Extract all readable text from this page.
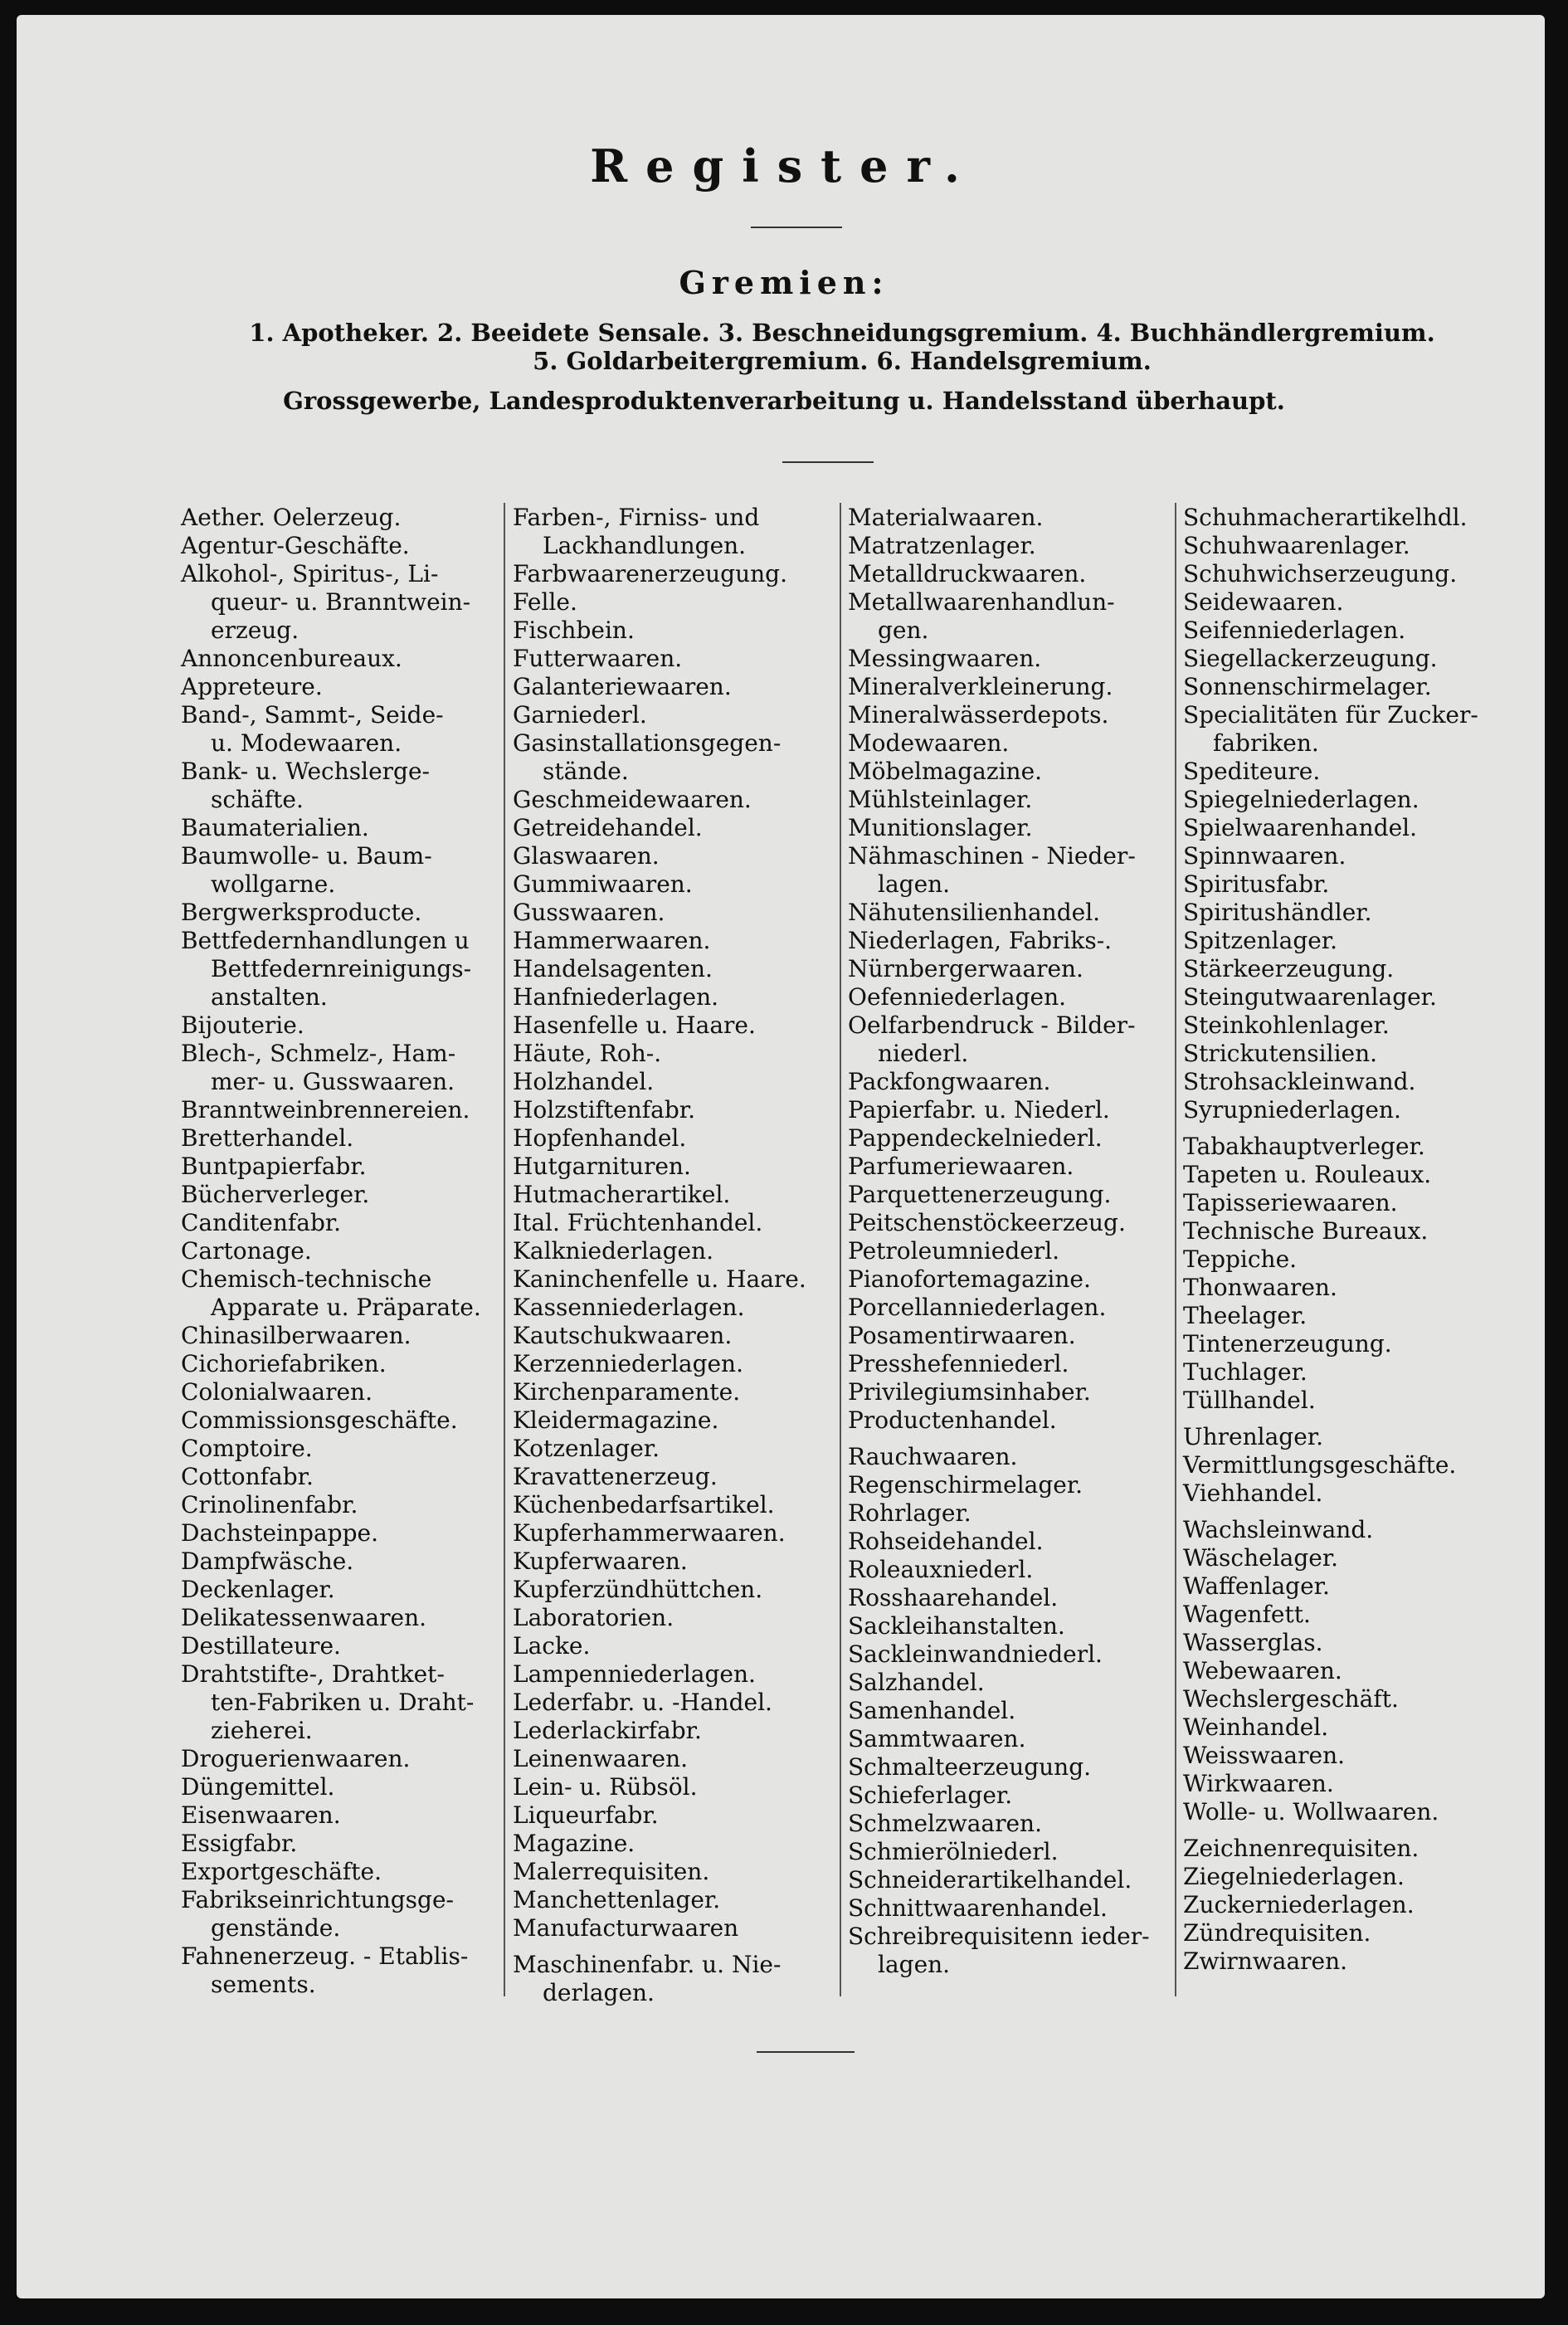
Register.
Gremien:
1. Apotheker. 2. Beeidete Sensale. 3. Beschneidungsgremium. 4. Buchhändlergremium.
5. Goldarbeitergremium. 6. Handelsgremium.
Grossgewerbe, Landesproduktenverarbeitung u. Handelsstand überhaupt.
Aether. Oelerzeug.
Agentur-Geschäfte.
Alkohol-, Spiritus-, Li-

queur- u. Branntwein-
erzeug.
Annoncenbureaux.
Appreteure.
Band-, Sammt-, Seide-

u. Modewaaren.
Bank- u. Wechslerge-

schäfte.
Baumaterialien.
Baumwolle- u. Baum-

wollgarne.
Bergwerksproducte.
Bettfedernhandlungen u

Bettfedernreinigungs-
anstalten.
Bijouterie.
Blech-, Schmelz-, Ham-

mer- u. Gusswaaren.
Branntweinbrennereien.
Bretterhandel.
Buntpapierfabr.
Bücherverleger.
Canditenfabr.
Cartonage.
Chemisch-technische

Apparate u. Präparate.
Chinasilberwaaren.
Cichoriefabriken.
Colonialwaaren.
Commissionsgeschäfte.
Comptoire.
Cottonfabr.
Crinolinenfabr.
Dachsteinpappe.
Dampfwäsche.
Deckenlager.
Delikatessenwaaren.
Destillateure.
Drahtstifte-, Drahtket-

ten-Fabriken u. Draht-
zieherei.
Droguerienwaaren.
Düngemittel.
Eisenwaaren.
Essigfabr.
Exportgeschäfte.
Fabrikseinrichtungsge-

genstände.
Fahnenerzeug. - Etablis-

sements.
Farben-, Firniss- und

Lackhandlungen.
Farbwaarenerzeugung.
Felle.
Fischbein.
Futterwaaren.
Galanteriewaaren.
Garniederl.
Gasinstallationsgegen-

stände.
Geschmeidewaaren.
Getreidehandel.
Glaswaaren.
Gummiwaaren.
Gusswaaren.
Hammerwaaren.
Handelsagenten.
Hanfniederlagen.
Hasenfelle u. Haare.
Häute, Roh-.
Holzhandel.
Holzstiftenfabr.
Hopfenhandel.
Hutgarnituren.
Hutmacherartikel.
Ital. Früchtenhandel.
Kalkniederlagen.
Kaninchenfelle u. Haare.
Kassenniederlagen.
Kautschukwaaren.
Kerzenniederlagen.
Kirchenparamente.
Kleidermagazine.
Kotzenlager.
Kravattenerzeug.
Küchenbedarfsartikel.
Kupferhammerwaaren.
Kupferwaaren.
Kupferzündhüttchen.
Laboratorien.
Lacke.
Lampenniederlagen.
Lederfabr. u. -Handel.
Lederlackirfabr.
Leinenwaaren.
Lein- u. Rübsöl.
Liqueurfabr.
Magazine.
Malerrequisiten.
Manchettenlager.
Manufacturwaaren
Maschinenfabr. u. Nie-

derlagen.
Materialwaaren.
Matratzenlager.
Metalldruckwaaren.
Metallwaarenhandlun-

gen.
Messingwaaren.
Mineralverkleinerung.
Mineralwässerdepots.
Modewaaren.
Möbelmagazine.
Mühlsteinlager.
Munitionslager.
Nähmaschinen - Nieder-

lagen.
Nähutensilienhandel.
Niederlagen, Fabriks-.
Nürnbergerwaaren.
Oefenniederlagen.
Oelfarbendruck - Bilder-

niederl.
Packfongwaaren.
Papierfabr. u. Niederl.
Pappendeckelniederl.
Parfumeriewaaren.
Parquettenerzeugung.
Peitschenstöckeerzeug.
Petroleumniederl.
Pianofortemagazine.
Porcellanniederlagen.
Posamentirwaaren.
Presshefenniederl.
Privilegiumsinhaber.
Productenhandel.
Rauchwaaren.
Regenschirmelager.
Rohrlager.
Rohseidehandel.
Roleauxniederl.
Rosshaarehandel.
Sackleihanstalten.
Sackleinwandniederl.
Salzhandel.
Samenhandel.
Sammtwaaren.
Schmalteerzeugung.
Schieferlager.
Schmelzwaaren.
Schmierölniederl.
Schneiderartikelhandel.
Schnittwaarenhandel.
Schreibrequisitenn ieder-

lagen.
Schuhmacherartikelhdl.
Schuhwaarenlager.
Schuhwichserzeugung.
Seidewaaren.
Seifenniederlagen.
Siegellackerzeugung.
Sonnenschirmelager.
Specialitäten für Zucker-

fabriken.
Spediteure.
Spiegelniederlagen.
Spielwaarenhandel.
Spinnwaaren.
Spiritusfabr.
Spiritushändler.
Spitzenlager.
Stärkeerzeugung.
Steingutwaarenlager.
Steinkohlenlager.
Strickutensilien.
Strohsackleinwand.
Syrupniederlagen.
Tabakhauptverleger.
Tapeten u. Rouleaux.
Tapisseriewaaren.
Technische Bureaux.
Teppiche.
Thonwaaren.
Theelager.
Tintenerzeugung.
Tuchlager.
Tüllhandel.
Uhrenlager.
Vermittlungsgeschäfte.
Viehhandel.
Wachsleinwand.
Wäschelager.
Waffenlager.
Wagenfett.
Wasserglas.
Webewaaren.
Wechslergeschäft.
Weinhandel.
Weisswaaren.
Wirkwaaren.
Wolle- u. Wollwaaren.
Zeichnenrequisiten.
Ziegelniederlagen.
Zuckerniederlagen.
Zündrequisiten.
Zwirnwaaren.
